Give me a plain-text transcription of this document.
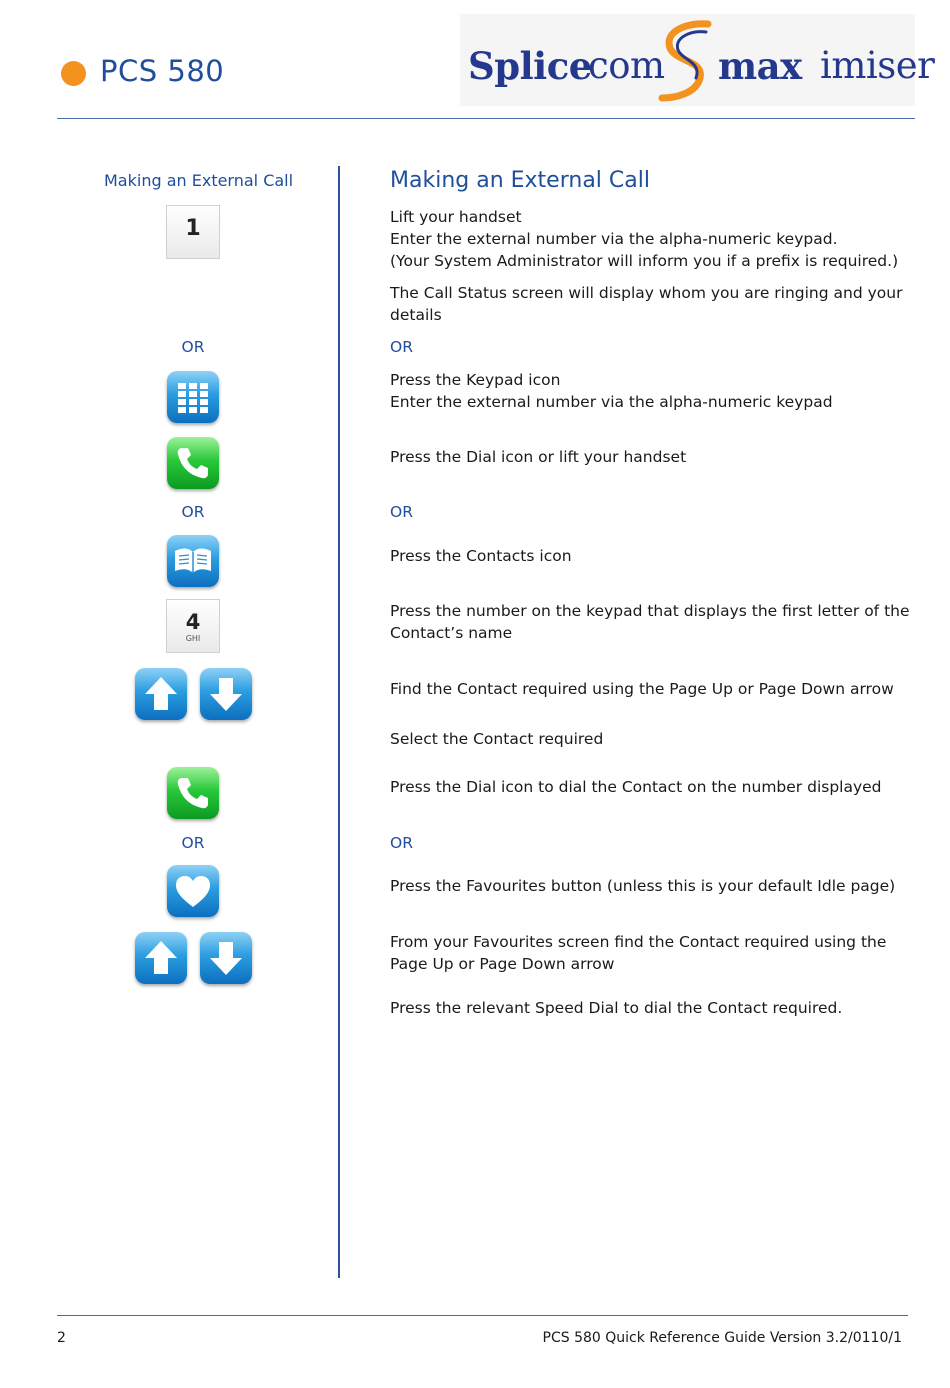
PCS 580	Splice
com max imiser
Making an External Call
1
OR
OR
4
GHI
OR
Making an External Call
Lift your handset
Enter the external number via the alpha-numeric keypad.
(Your System Administrator will inform you if a prefix is required.)
The Call Status screen will display whom you are ringing and your details
OR
Press the Keypad icon
Enter the external number via the alpha-numeric keypad
Press the Dial icon or lift your handset
OR
Press the Contacts icon
Press the number on the keypad that displays the first letter of the Contact’s name
Find the Contact required using the Page Up or Page Down arrow
Select the Contact required
Press the Dial icon to dial the Contact on the number displayed
OR
Press the Favourites button (unless this is your default Idle page)
From your Favourites screen find the Contact required using the Page Up or Page Down arrow
Press the relevant Speed Dial to dial the Contact required.
2	PCS 580 Quick Reference Guide Version 3.2/0110/1
